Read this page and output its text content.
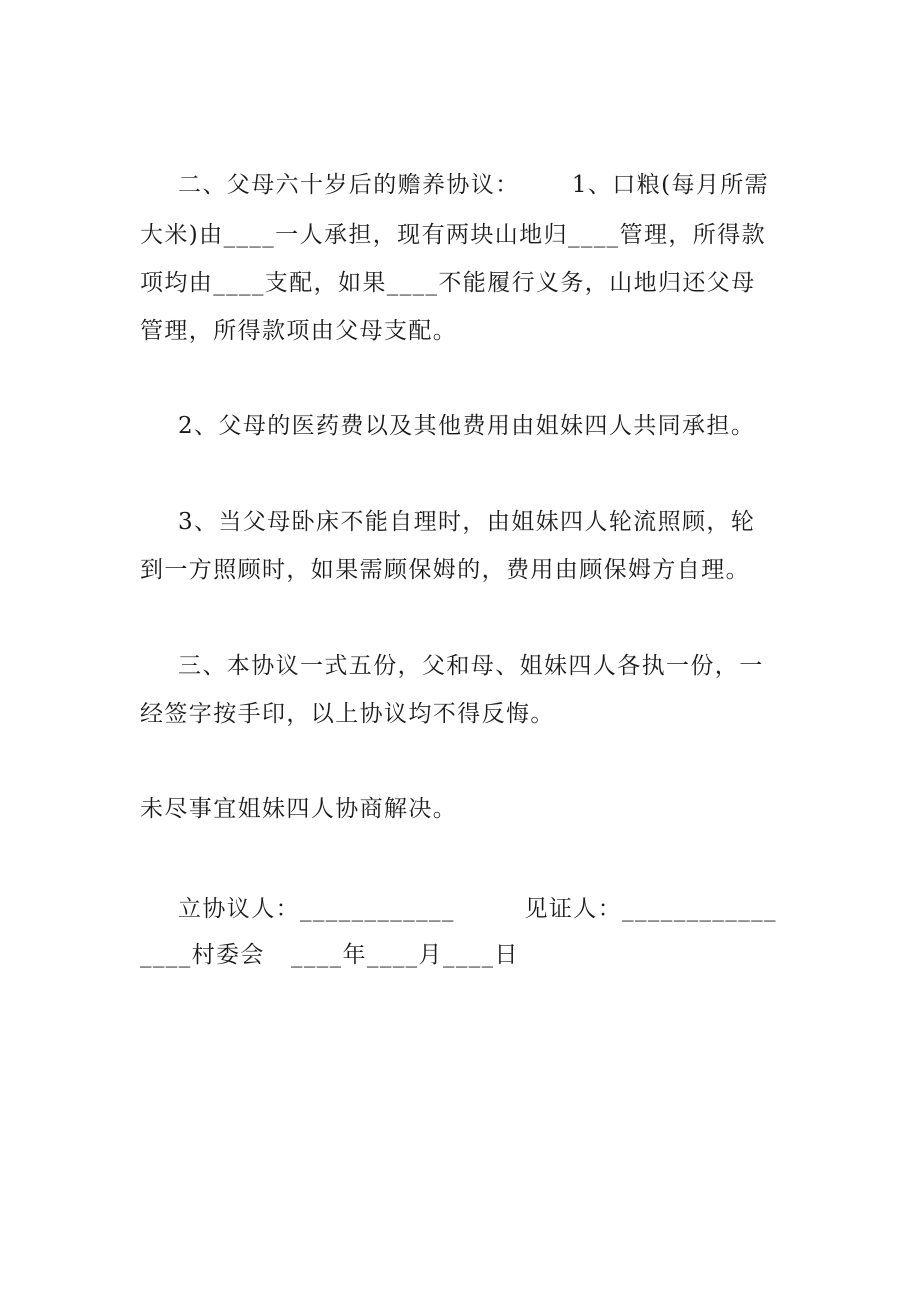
二、父母六十岁后的赡养协议：      1、口粮(每月所需
大米)由____一人承担，现有两块山地归____管理，所得款
项均由____支配，如果____不能履行义务，山地归还父母
管理，所得款项由父母支配。
2、父母的医药费以及其他费用由姐妹四人共同承担。
3、当父母卧床不能自理时，由姐妹四人轮流照顾，轮
到一方照顾时，如果需顾保姆的，费用由顾保姆方自理。
三、本协议一式五份，父和母、姐妹四人各执一份，一
经签字按手印，以上协议均不得反悔。
未尽事宜姐妹四人协商解决。
立协议人：____________        见证人：____________
____村委会   ____年____月____日
